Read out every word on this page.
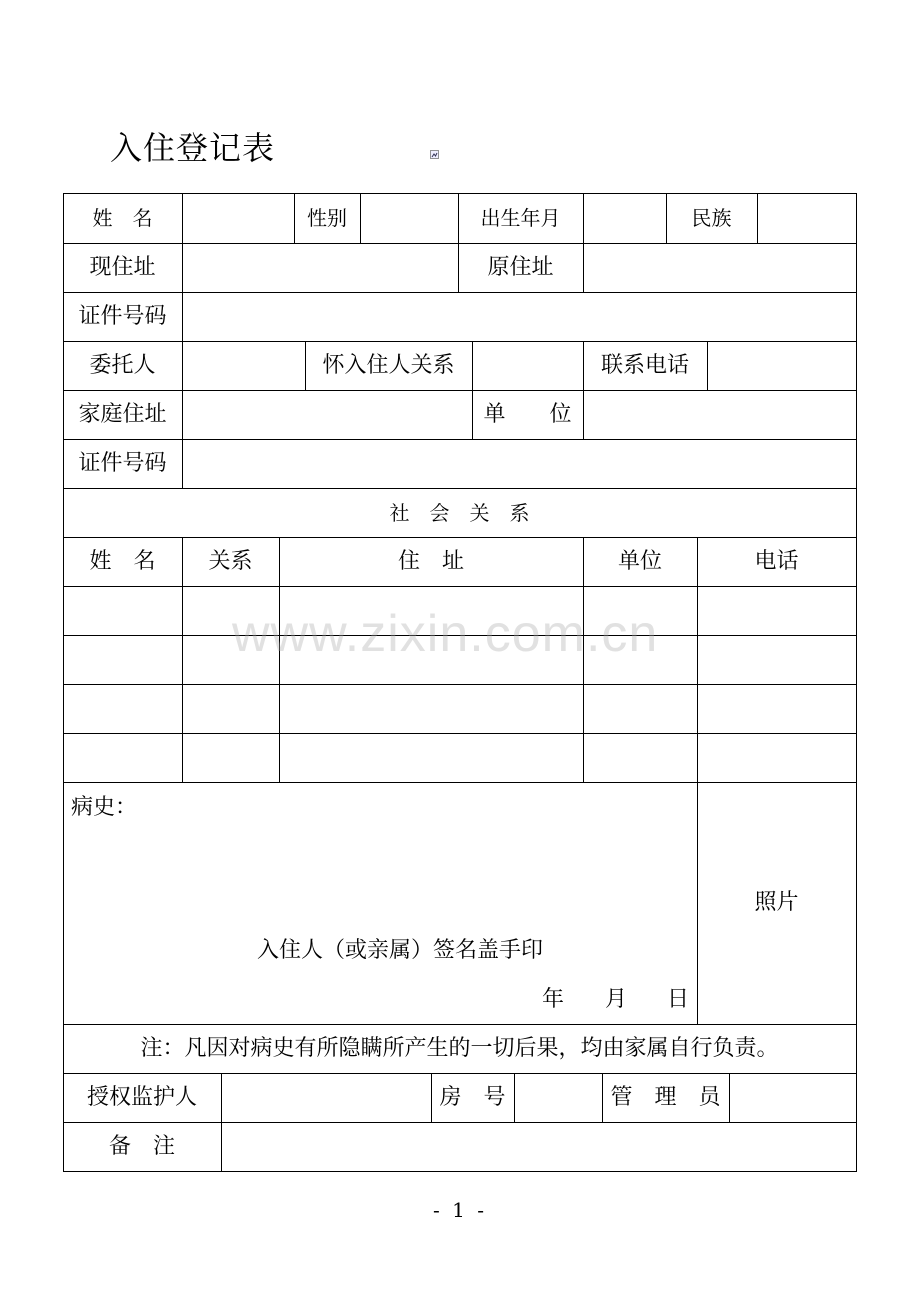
入住登记表
姓　名	性别	出生年月	民族
现住址	原住址
证件号码
委托人	怀入住人关系	联系电话
家庭住址	单　　位
证件号码
社　会　关　系
姓　名	关系	住　址	单位	电话
病史：
入住人（或亲属）签名盖手印
年 月 日
照片
注：凡因对病史有所隐瞒所产生的一切后果，均由家属自行负责。
授权监护人	房　号	管　理　员
备　注
www.zixin.com.cn
- 1 -
